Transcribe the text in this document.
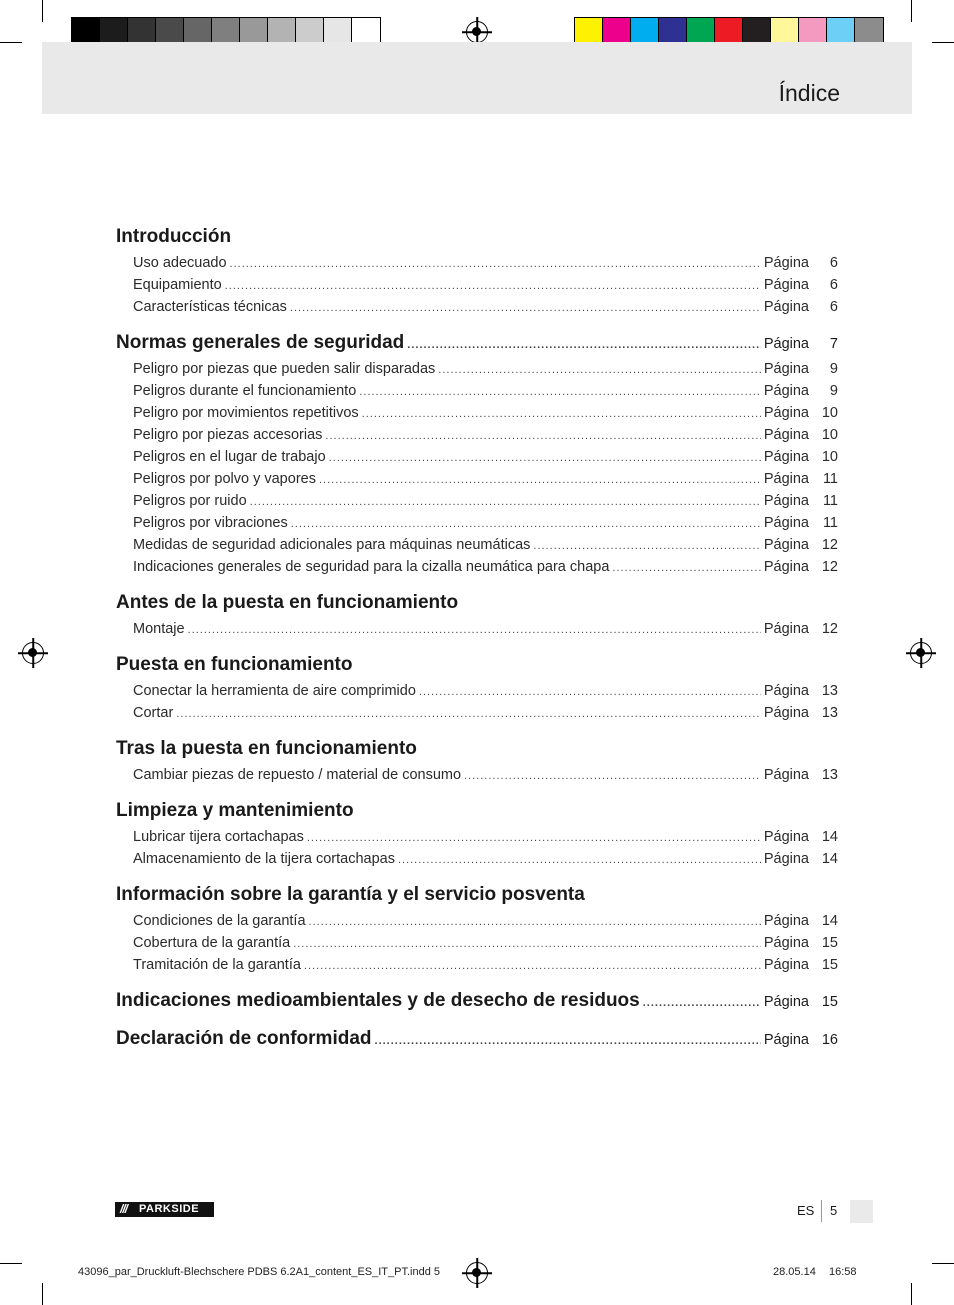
Índice
Introducción
Uso adecuado .....	Página 6
Equipamiento .....	Página 6
Características técnicas .....	Página 6
Normas generales de seguridad .....	Página 7
Peligro por piezas que pueden salir disparadas .....	Página 9
Peligros durante el funcionamiento .....	Página 9
Peligro por movimientos repetitivos .....	Página 10
Peligro por piezas accesorias .....	Página 10
Peligros en el lugar de trabajo .....	Página 10
Peligros por polvo y vapores .....	Página 11
Peligros por ruido .....	Página 11
Peligros por vibraciones .....	Página 11
Medidas de seguridad adicionales para máquinas neumáticas .....	Página 12
Indicaciones generales de seguridad para la cizalla neumática para chapa .....	Página 12
Antes de la puesta en funcionamiento
Montaje .....	Página 12
Puesta en funcionamiento
Conectar la herramienta de aire comprimido .....	Página 13
Cortar .....	Página 13
Tras la puesta en funcionamiento
Cambiar piezas de repuesto / material de consumo .....	Página 13
Limpieza y mantenimiento
Lubricar tijera cortachapas .....	Página 14
Almacenamiento de la tijera cortachapas .....	Página 14
Información sobre la garantía y el servicio posventa
Condiciones de la garantía .....	Página 14
Cobertura de la garantía .....	Página 15
Tramitación de la garantía .....	Página 15
Indicaciones medioambientales y de desecho de residuos .....	Página 15
Declaración de conformidad .....	Página 16
/// PARKSIDE	ES 5
43096_par_Druckluft-Blechschere PDBS 6.2A1_content_ES_IT_PT.indd 5	28.05.14 16:58
